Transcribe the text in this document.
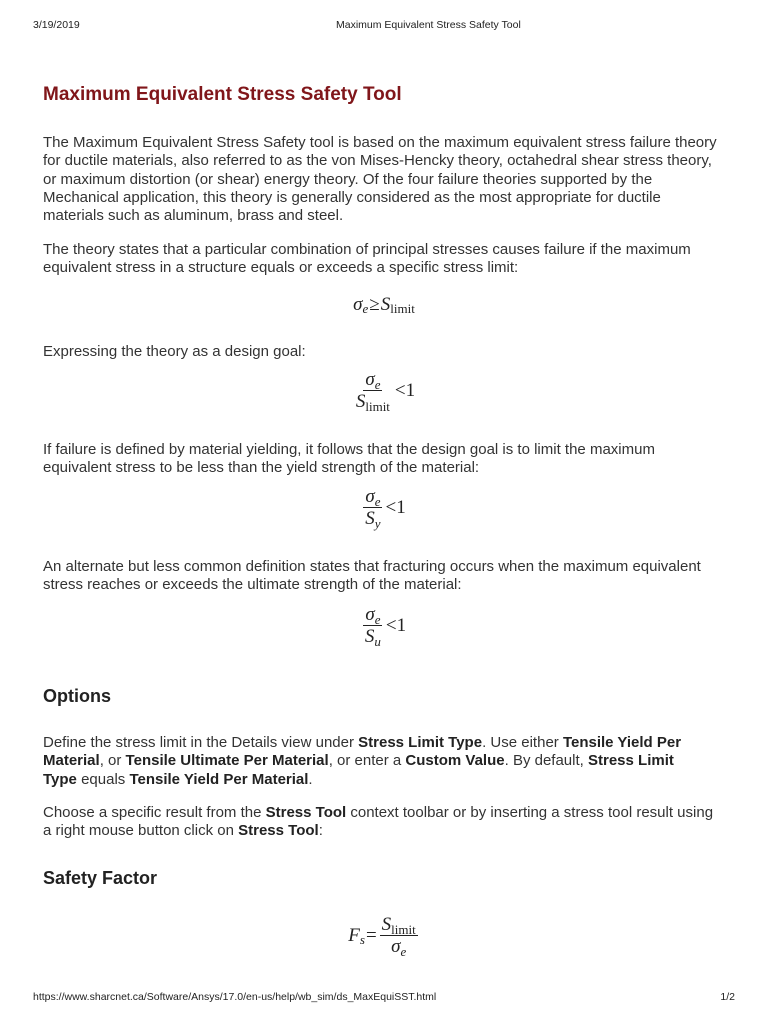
3/19/2019	Maximum Equivalent Stress Safety Tool
Maximum Equivalent Stress Safety Tool
The Maximum Equivalent Stress Safety tool is based on the maximum equivalent stress failure theory
for ductile materials, also referred to as the von Mises-Hencky theory, octahedral shear stress theory,
or maximum distortion (or shear) energy theory. Of the four failure theories supported by the
Mechanical application, this theory is generally considered as the most appropriate for ductile
materials such as aluminum, brass and steel.
The theory states that a particular combination of principal stresses causes failure if the maximum
equivalent stress in a structure equals or exceeds a specific stress limit:
σ e ≥ S limit
Expressing the theory as a design goal:
$\frac{\sigma_e}{S_{limit}} <1$
If failure is defined by material yielding, it follows that the design goal is to limit the maximum
equivalent stress to be less than the yield strength of the material:
$\frac{\sigma_e}{S_y} <1$
An alternate but less common definition states that fracturing occurs when the maximum equivalent
stress reaches or exceeds the ultimate strength of the material:
$\frac{\sigma_e}{S_u} <1$
Options
Define the stress limit in the Details view under Stress Limit Type. Use either Tensile Yield Per
Material, or Tensile Ultimate Per Material, or enter a Custom Value. By default, Stress Limit
Type equals Tensile Yield Per Material.
Choose a specific result from the Stress Tool context toolbar or by inserting a stress tool result using
a right mouse button click on Stress Tool:
Safety Factor
F $s = \frac{S_{limit}}{\sigma_e}$
https://www.sharcnet.ca/Software/Ansys/17.0/en-us/help/wb_sim/ds_MaxEquiSST.html	1/2
